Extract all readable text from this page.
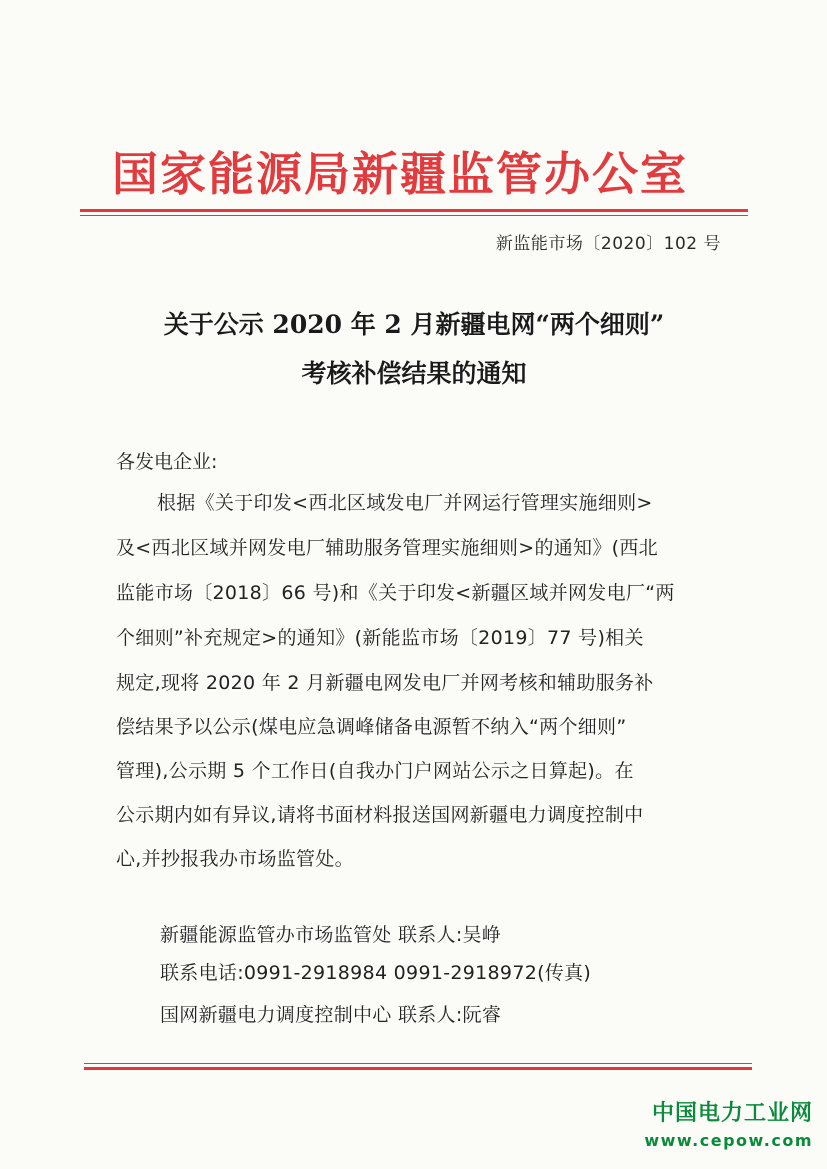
国家能源局新疆监管办公室
新监能市场〔2020〕102 号
关于公示 2020 年 2 月新疆电网“两个细则”
考核补偿结果的通知
各发电企业:
根据《关于印发<西北区域发电厂并网运行管理实施细则>
及<西北区域并网发电厂辅助服务管理实施细则>的通知》(西北
监能市场〔2018〕66 号)和《关于印发<新疆区域并网发电厂“两
个细则”补充规定>的通知》(新能监市场〔2019〕77 号)相关
规定,现将 2020 年 2 月新疆电网发电厂并网考核和辅助服务补
偿结果予以公示(煤电应急调峰储备电源暂不纳入“两个细则”
管理),公示期 5 个工作日(自我办门户网站公示之日算起)。在
公示期内如有异议,请将书面材料报送国网新疆电力调度控制中
心,并抄报我办市场监管处。
新疆能源监管办市场监管处 联系人:吴峥
联系电话:0991-2918984 0991-2918972(传真)
国网新疆电力调度控制中心 联系人:阮睿
中国电力工业网
www.cepow.com
